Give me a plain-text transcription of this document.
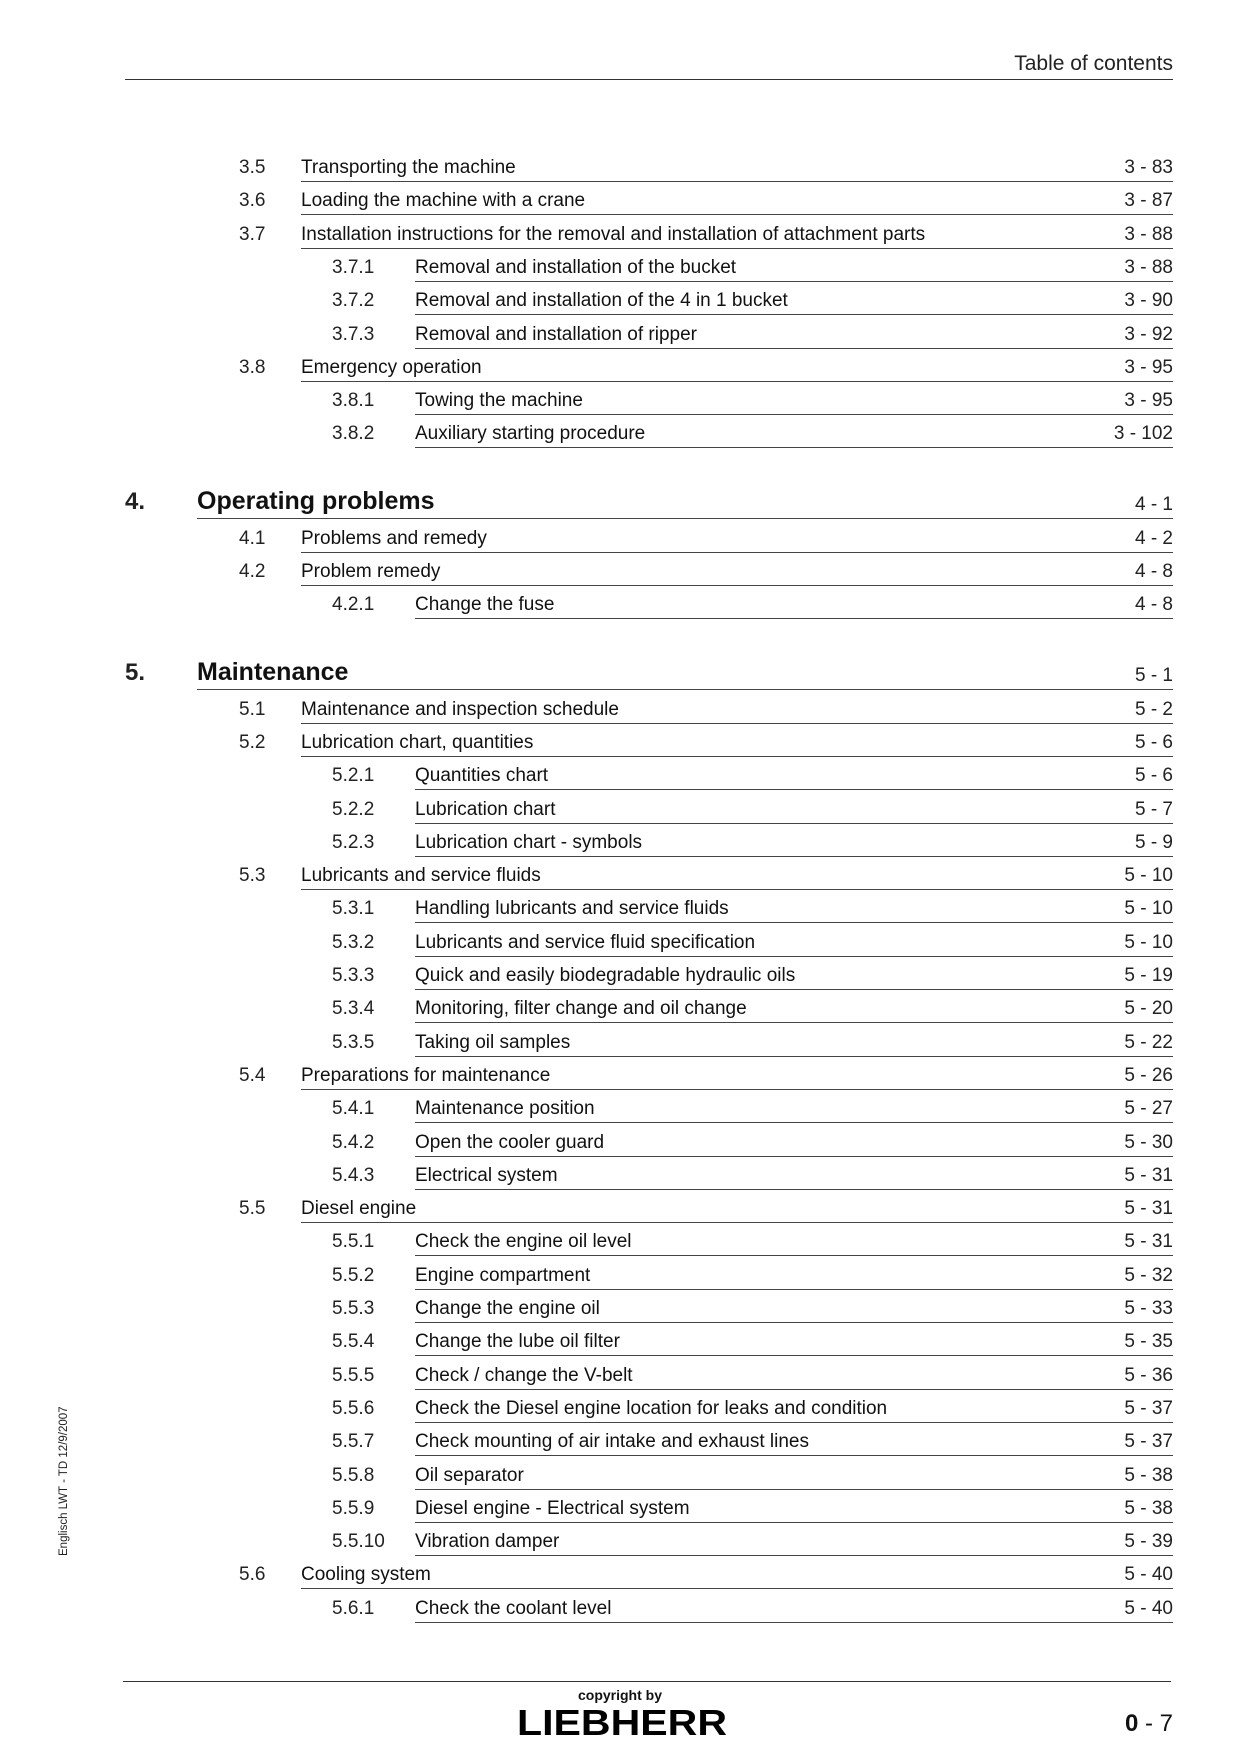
Table of contents
3.5 Transporting the machine	3 - 83
3.6 Loading the machine with a crane	3 - 87
3.7 Installation instructions for the removal and installation of attachment parts	3 - 88
3.7.1 Removal and installation of the bucket	3 - 88
3.7.2 Removal and installation of the 4 in 1 bucket	3 - 90
3.7.3 Removal and installation of ripper	3 - 92
3.8 Emergency operation	3 - 95
3.8.1 Towing the machine	3 - 95
3.8.2 Auxiliary starting procedure	3 - 102
4. Operating problems	4 - 1
4.1 Problems and remedy	4 - 2
4.2 Problem remedy	4 - 8
4.2.1 Change the fuse	4 - 8
5. Maintenance	5 - 1
5.1 Maintenance and inspection schedule	5 - 2
5.2 Lubrication chart, quantities	5 - 6
5.2.1 Quantities chart	5 - 6
5.2.2 Lubrication chart	5 - 7
5.2.3 Lubrication chart - symbols	5 - 9
5.3 Lubricants and service fluids	5 - 10
5.3.1 Handling lubricants and service fluids	5 - 10
5.3.2 Lubricants and service fluid specification	5 - 10
5.3.3 Quick and easily biodegradable hydraulic oils	5 - 19
5.3.4 Monitoring, filter change and oil change	5 - 20
5.3.5 Taking oil samples	5 - 22
5.4 Preparations for maintenance	5 - 26
5.4.1 Maintenance position	5 - 27
5.4.2 Open the cooler guard	5 - 30
5.4.3 Electrical system	5 - 31
5.5 Diesel engine	5 - 31
5.5.1 Check the engine oil level	5 - 31
5.5.2 Engine compartment	5 - 32
5.5.3 Change the engine oil	5 - 33
5.5.4 Change the lube oil filter	5 - 35
5.5.5 Check / change the V-belt	5 - 36
5.5.6 Check the Diesel engine location for leaks and condition	5 - 37
5.5.7 Check mounting of air intake and exhaust lines	5 - 37
5.5.8 Oil separator	5 - 38
5.5.9 Diesel engine - Electrical system	5 - 38
5.5.10 Vibration damper	5 - 39
5.6 Cooling system	5 - 40
5.6.1 Check the coolant level	5 - 40
Englisch LWT - TD 12/9/2007
copyright by
LIEBHERR	0 - 7
